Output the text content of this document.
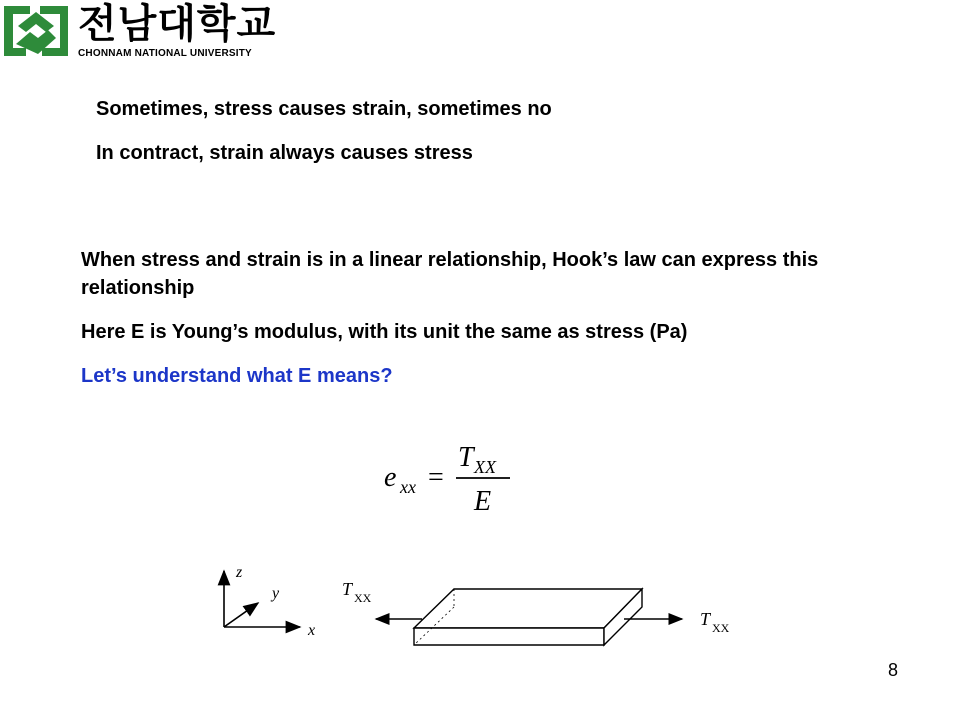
전남대학교
CHONNAM NATIONAL UNIVERSITY
Sometimes, stress causes strain, sometimes no
In contract, strain always causes stress
When stress and strain is in a linear relationship, Hook’s law can express this relationship
Here E is Young’s modulus, with its unit the same as stress (Pa)
Let’s understand what E means?
e xx =
T XX
E
z
y
x
T XX
T XX
8
